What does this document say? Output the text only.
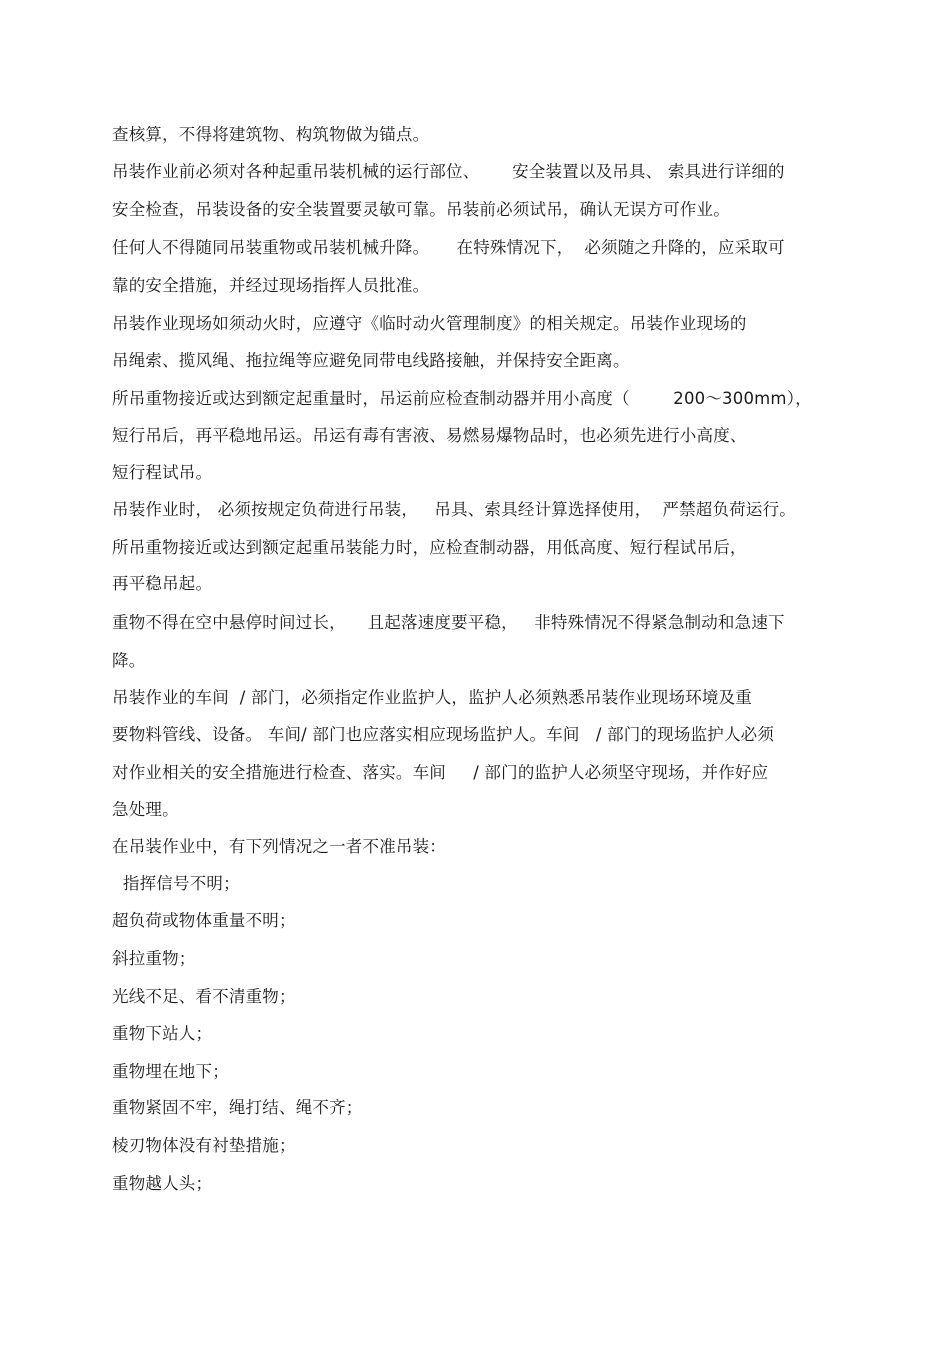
查核算，不得将建筑物、构筑物做为锚点。
吊装作业前必须对各种起重吊装机械的运行部位、      安全装置以及吊具、 索具进行详细的
安全检查，吊装设备的安全装置要灵敏可靠。吊装前必须试吊，确认无误方可作业。
任何人不得随同吊装重物或吊装机械升降。     在特殊情况下，  必须随之升降的，应采取可
靠的安全措施，并经过现场指挥人员批准。
吊装作业现场如须动火时，应遵守《临时动火管理制度》的相关规定。吊装作业现场的
吊绳索、揽风绳、拖拉绳等应避免同带电线路接触，并保持安全距离。
所吊重物接近或达到额定起重量时，吊运前应检查制动器并用小高度（        200～300mm），
短行吊后，再平稳地吊运。吊运有毒有害液、易燃易爆物品时，也必须先进行小高度、
短行程试吊。
吊装作业时， 必须按规定负荷进行吊装，   吊具、索具经计算选择使用，  严禁超负荷运行。
所吊重物接近或达到额定起重吊装能力时，应检查制动器，用低高度、短行程试吊后，
再平稳吊起。
重物不得在空中悬停时间过长，    且起落速度要平稳，   非特殊情况不得紧急制动和急速下
降。
吊装作业的车间  / 部门，必须指定作业监护人，监护人必须熟悉吊装作业现场环境及重
要物料管线、设备。 车间/ 部门也应落实相应现场监护人。车间   / 部门的现场监护人必须
对作业相关的安全措施进行检查、落实。车间     / 部门的监护人必须坚守现场，并作好应
急处理。
在吊装作业中，有下列情况之一者不准吊装：
指挥信号不明；
超负荷或物体重量不明；
斜拉重物；
光线不足、看不清重物；
重物下站人；
重物埋在地下；
重物紧固不牢，绳打结、绳不齐；
棱刃物体没有衬垫措施；
重物越人头；
